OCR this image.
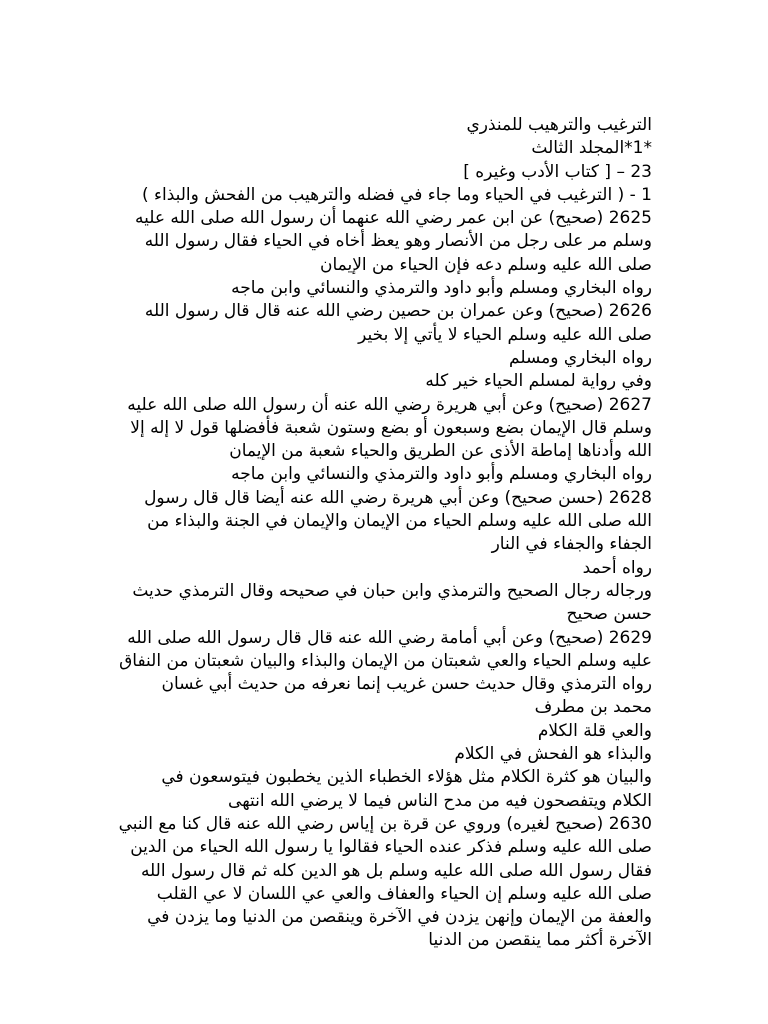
الترغيب والترهيب للمنذري
*1*المجلد الثالث
23 – [ كتاب الأدب وغيره ]
1 - ( الترغيب في الحياء وما جاء في فضله والترهيب من الفحش والبذاء )
2625 (صحيح) عن ابن عمر رضي الله عنهما أن رسول الله صلى الله عليه وسلم مر على رجل من الأنصار وهو يعظ أخاه في الحياء فقال رسول الله صلى الله عليه وسلم دعه فإن الحياء من الإيمان
رواه البخاري ومسلم وأبو داود والترمذي والنسائي وابن ماجه
2626 (صحيح) وعن عمران بن حصين رضي الله عنه قال قال رسول الله صلى الله عليه وسلم الحياء لا يأتي إلا بخير
رواه البخاري ومسلم
وفي رواية لمسلم الحياء خير كله
2627 (صحيح) وعن أبي هريرة رضي الله عنه أن رسول الله صلى الله عليه وسلم قال الإيمان بضع وسبعون أو بضع وستون شعبة فأفضلها قول لا إله إلا الله وأدناها إماطة الأذى عن الطريق والحياء شعبة من الإيمان
رواه البخاري ومسلم وأبو داود والترمذي والنسائي وابن ماجه
2628 (حسن صحيح) وعن أبي هريرة رضي الله عنه أيضا قال قال رسول الله صلى الله عليه وسلم الحياء من الإيمان والإيمان في الجنة والبذاء من الجفاء والجفاء في النار
رواه أحمد
ورجاله رجال الصحيح والترمذي وابن حبان في صحيحه وقال الترمذي حديث حسن صحيح
2629 (صحيح) وعن أبي أمامة رضي الله عنه قال قال رسول الله صلى الله عليه وسلم الحياء والعي شعبتان من الإيمان والبذاء والبيان شعبتان من النفاق
رواه الترمذي وقال حديث حسن غريب إنما نعرفه من حديث أبي غسان محمد بن مطرف
والعي قلة الكلام
والبذاء هو الفحش في الكلام
والبيان هو كثرة الكلام مثل هؤلاء الخطباء الذين يخطبون فيتوسعون في الكلام ويتفصحون فيه من مدح الناس فيما لا يرضي الله انتهى
2630 (صحيح لغيره) وروي عن قرة بن إياس رضي الله عنه قال كنا مع النبي صلى الله عليه وسلم فذكر عنده الحياء فقالوا يا رسول الله الحياء من الدين فقال رسول الله صلى الله عليه وسلم بل هو الدين كله ثم قال رسول الله صلى الله عليه وسلم إن الحياء والعفاف والعي عي اللسان لا عي القلب والعفة من الإيمان وإنهن يزدن في الآخرة وينقصن من الدنيا وما يزدن في الآخرة أكثر مما ينقصن من الدنيا
